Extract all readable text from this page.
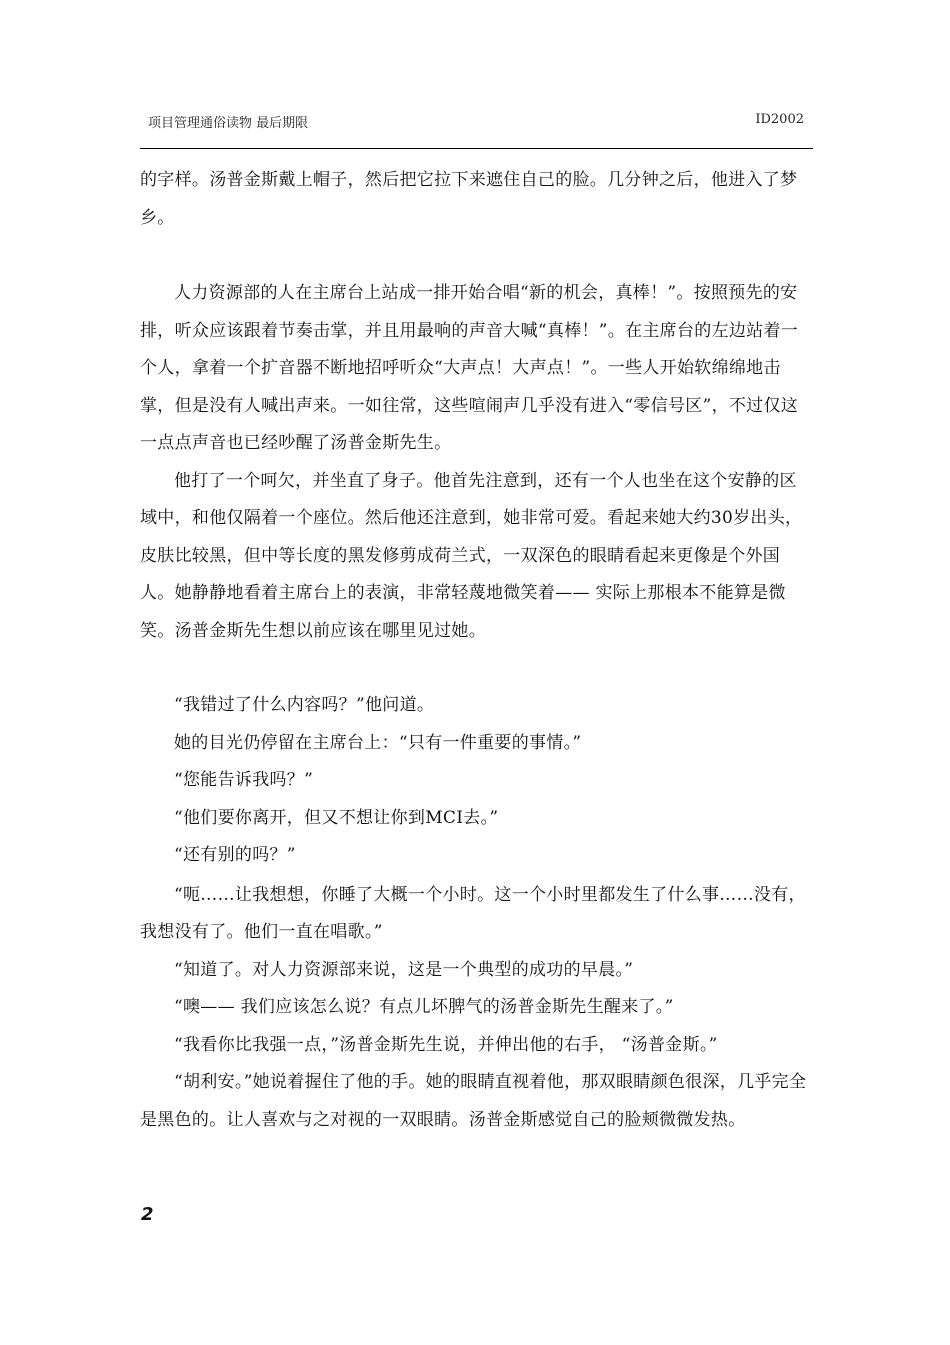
项目管理通俗读物 最后期限	ID2002

的字样。汤普金斯戴上帽子，然后把它拉下来遮住自己的脸。几分钟之后，他进入了梦乡。

人力资源部的人在主席台上站成一排开始合唱“新的机会，真棒！”。按照预先的安排，听众应该跟着节奏击掌，并且用最响的声音大喊“真棒！”。在主席台的左边站着一个人，拿着一个扩音器不断地招呼听众“大声点！大声点！”。一些人开始软绵绵地击掌，但是没有人喊出声来。一如往常，这些喧闹声几乎没有进入“零信号区”，不过仅这一点点声音也已经吵醒了汤普金斯先生。

他打了一个呵欠，并坐直了身子。他首先注意到，还有一个人也坐在这个安静的区域中，和他仅隔着一个座位。然后他还注意到，她非常可爱。看起来她大约30岁出头，皮肤比较黑，但中等长度的黑发修剪成荷兰式，一双深色的眼睛看起来更像是个外国人。她静静地看着主席台上的表演，非常轻蔑地微笑着—— 实际上那根本不能算是微笑。汤普金斯先生想以前应该在哪里见过她。

“我错过了什么内容吗？”他问道。

她的目光仍停留在主席台上：“只有一件重要的事情。”

“您能告诉我吗？”

“他们要你离开，但又不想让你到MCI去。”

“还有别的吗？”

“呃……让我想想，你睡了大概一个小时。这一个小时里都发生了什么事……没有，我想没有了。他们一直在唱歌。”

“知道了。对人力资源部来说，这是一个典型的成功的早晨。”

“噢—— 我们应该怎么说？有点儿坏脾气的汤普金斯先生醒来了。”

“我看你比我强一点，”汤普金斯先生说，并伸出他的右手， “汤普金斯。”

“胡利安。”她说着握住了他的手。她的眼睛直视着他，那双眼睛颜色很深，几乎完全是黑色的。让人喜欢与之对视的一双眼睛。汤普金斯感觉自己的脸颊微微发热。

2
